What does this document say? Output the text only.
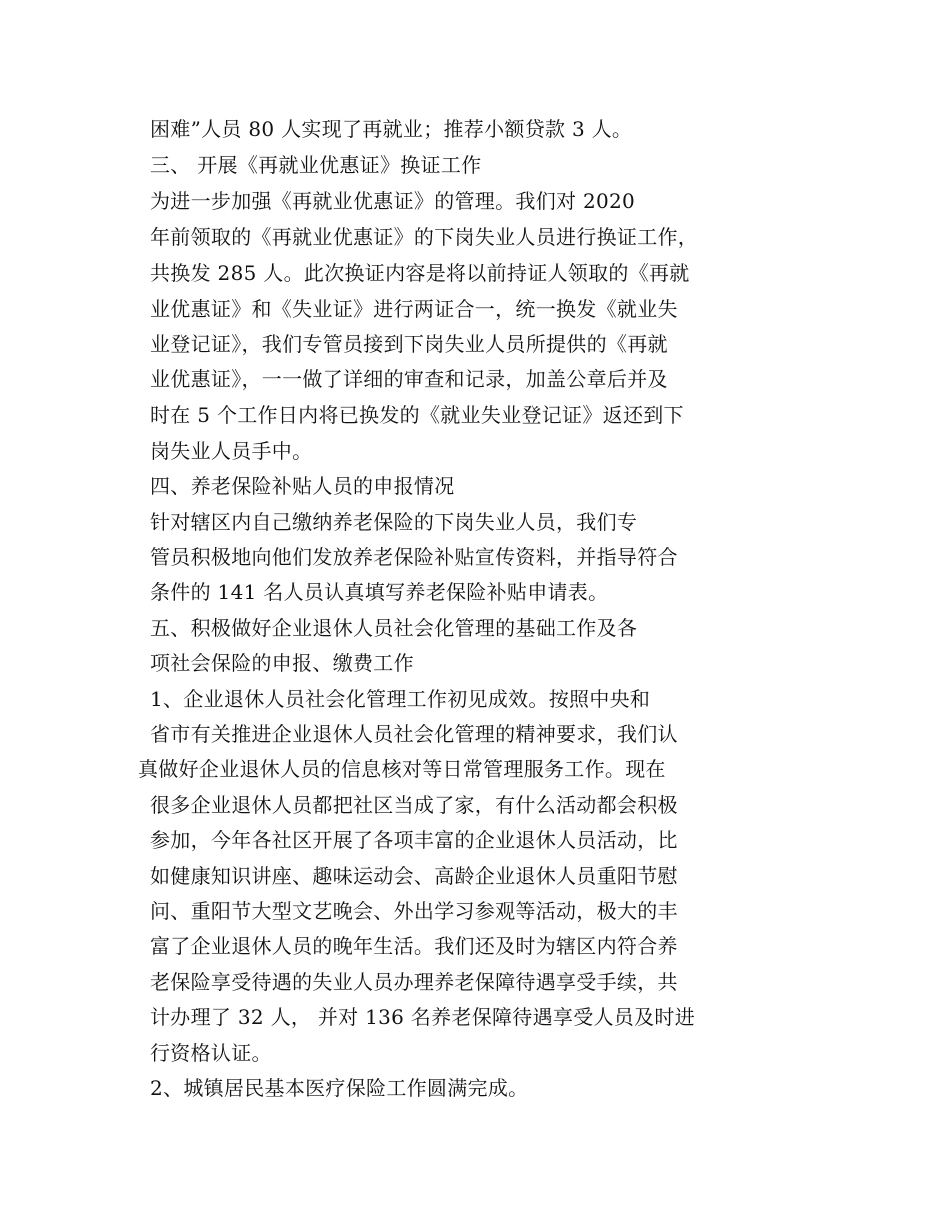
困难”人员 80 人实现了再就业；推荐小额贷款 3 人。
三、 开展《再就业优惠证》换证工作
为进一步加强《再就业优惠证》的管理。我们对 2020
年前领取的《再就业优惠证》的下岗失业人员进行换证工作，
共换发 285 人。此次换证内容是将以前持证人领取的《再就
业优惠证》和《失业证》进行两证合一，统一换发《就业失
业登记证》，我们专管员接到下岗失业人员所提供的《再就
业优惠证》，一一做了详细的审查和记录，加盖公章后并及
时在 5 个工作日内将已换发的《就业失业登记证》返还到下
岗失业人员手中。
四、养老保险补贴人员的申报情况
针对辖区内自己缴纳养老保险的下岗失业人员，我们专
管员积极地向他们发放养老保险补贴宣传资料，并指导符合
条件的 141 名人员认真填写养老保险补贴申请表。
五、积极做好企业退休人员社会化管理的基础工作及各
项社会保险的申报、缴费工作
1、企业退休人员社会化管理工作初见成效。按照中央和
省市有关推进企业退休人员社会化管理的精神要求，我们认
真做好企业退休人员的信息核对等日常管理服务工作。现在
很多企业退休人员都把社区当成了家，有什么活动都会积极
参加，今年各社区开展了各项丰富的企业退休人员活动，比
如健康知识讲座、趣味运动会、高龄企业退休人员重阳节慰
问、重阳节大型文艺晚会、外出学习参观等活动，极大的丰
富了企业退休人员的晚年生活。我们还及时为辖区内符合养
老保险享受待遇的失业人员办理养老保障待遇享受手续，共
计办理了 32 人， 并对 136 名养老保障待遇享受人员及时进
行资格认证。
2、城镇居民基本医疗保险工作圆满完成。
